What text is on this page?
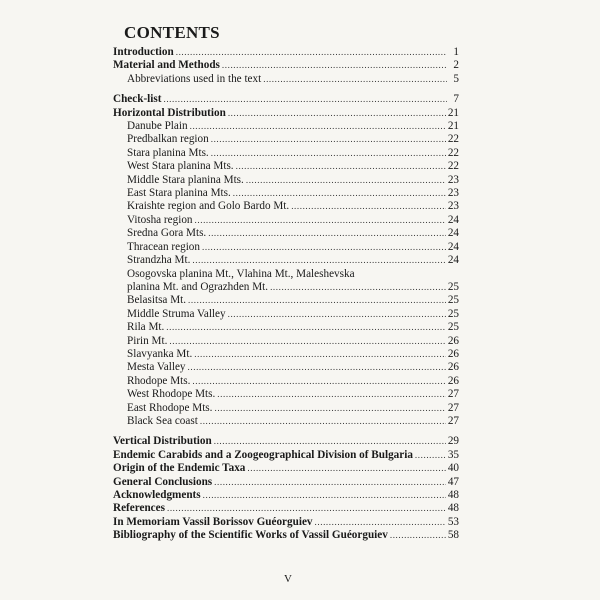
CONTENTS
Introduction .....	1
Material and Methods .....	2
Abbreviations used in the text .....	5
Check-list .....	7
Horizontal Distribution .....	21
Danube Plain .....	21
Predbalkan region .....	22
Stara planina Mts. .....	22
West Stara planina Mts. .....	22
Middle Stara planina Mts. .....	23
East Stara planina Mts. .....	23
Kraishte region and Golo Bardo Mt. .....	23
Vitosha region .....	24
Sredna Gora Mts. .....	24
Thracean region .....	24
Strandzha Mt. .....	24
Osogovska planina Mt., Vlahina Mt., Maleshevska
planina Mt. and Ograzhden Mt. .....	25
Belasitsa Mt. .....	25
Middle Struma Valley .....	25
Rila Mt. .....	25
Pirin Mt. .....	26
Slavyanka Mt. .....	26
Mesta Valley .....	26
Rhodope Mts. .....	26
West Rhodope Mts. .....	27
East Rhodope Mts. .....	27
Black Sea coast .....	27
Vertical Distribution .....	29
Endemic Carabids and a Zoogeographical Division of Bulgaria .....	35
Origin of the Endemic Taxa .....	40
General Conclusions .....	47
Acknowledgments .....	48
References .....	48
In Memoriam Vassil Borissov Guéorguiev .....	53
Bibliography of the Scientific Works of Vassil Guéorguiev .....	58
V
